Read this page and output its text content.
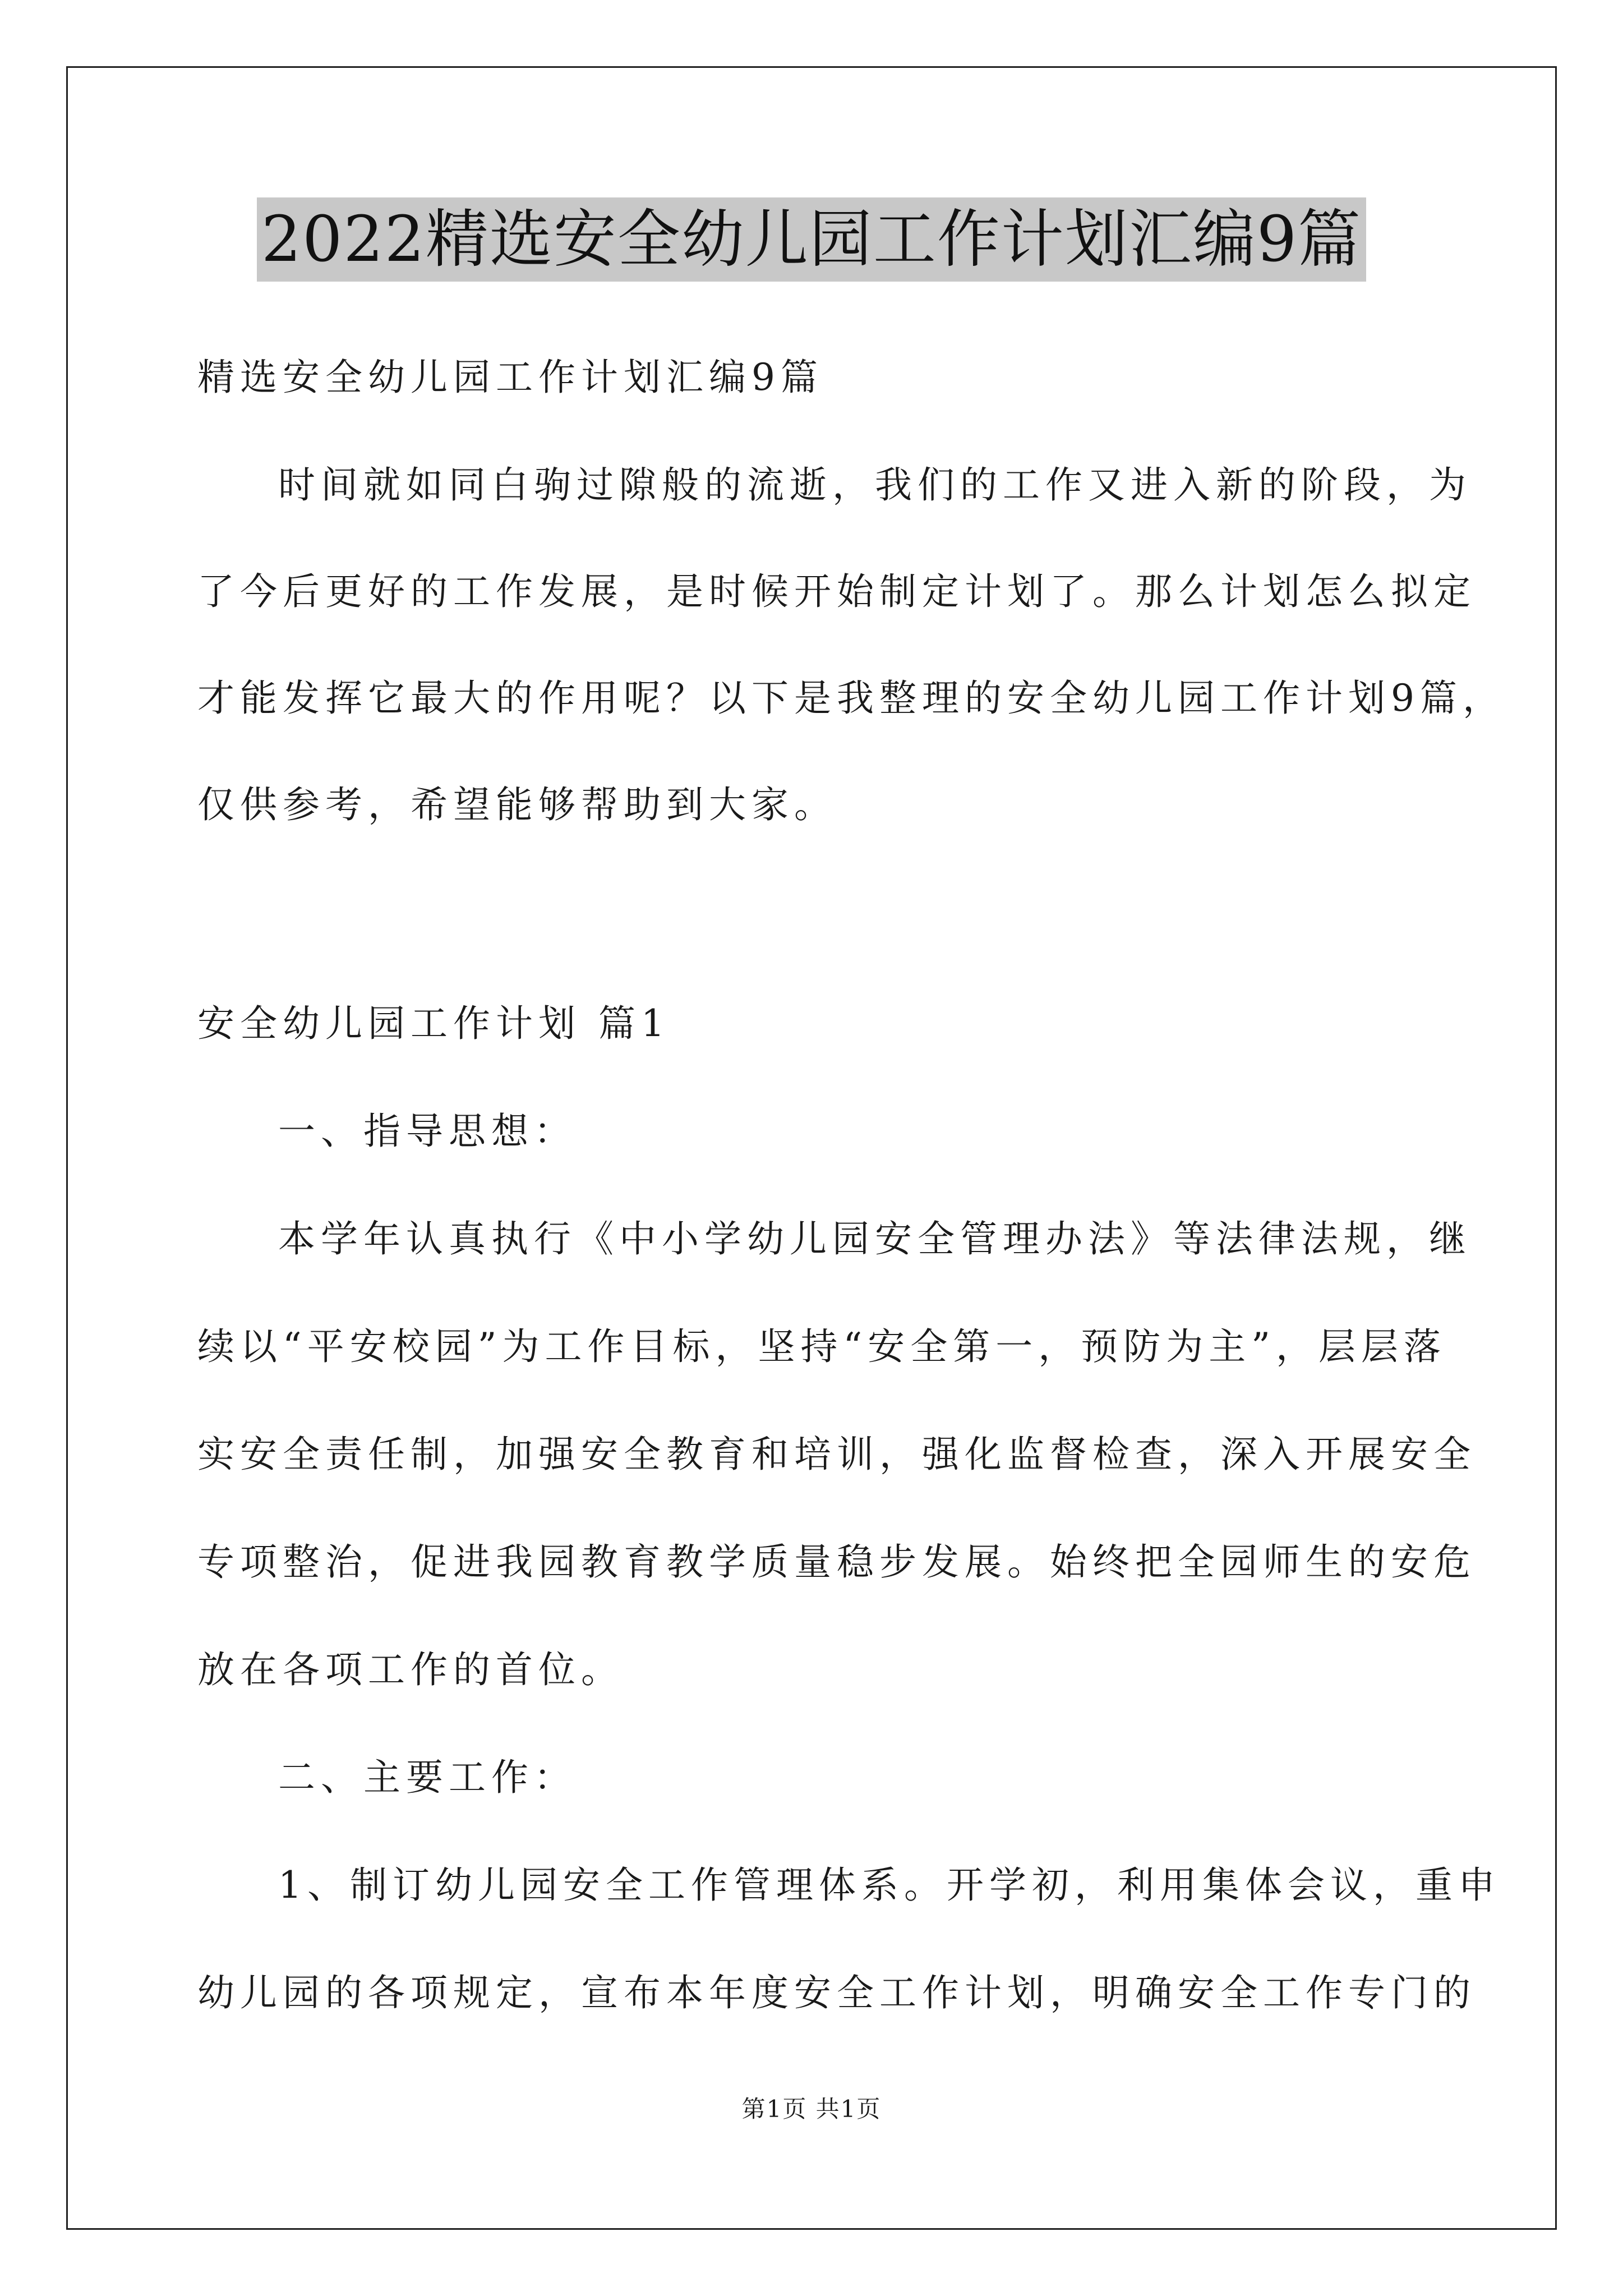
2022精选安全幼儿园工作计划汇编9篇
精选安全幼儿园工作计划汇编9篇
时间就如同白驹过隙般的流逝，我们的工作又进入新的阶段，为
了今后更好的工作发展，是时候开始制定计划了。那么计划怎么拟定
才能发挥它最大的作用呢？以下是我整理的安全幼儿园工作计划9篇，
仅供参考，希望能够帮助到大家。
安全幼儿园工作计划 篇1
一、指导思想：
本学年认真执行《中小学幼儿园安全管理办法》等法律法规，继
续以“平安校园”为工作目标，坚持“安全第一，预防为主”，层层落
实安全责任制，加强安全教育和培训，强化监督检查，深入开展安全
专项整治，促进我园教育教学质量稳步发展。始终把全园师生的安危
放在各项工作的首位。
二、主要工作：
1、制订幼儿园安全工作管理体系。开学初，利用集体会议，重申
幼儿园的各项规定，宣布本年度安全工作计划，明确安全工作专门的
第1页 共1页
